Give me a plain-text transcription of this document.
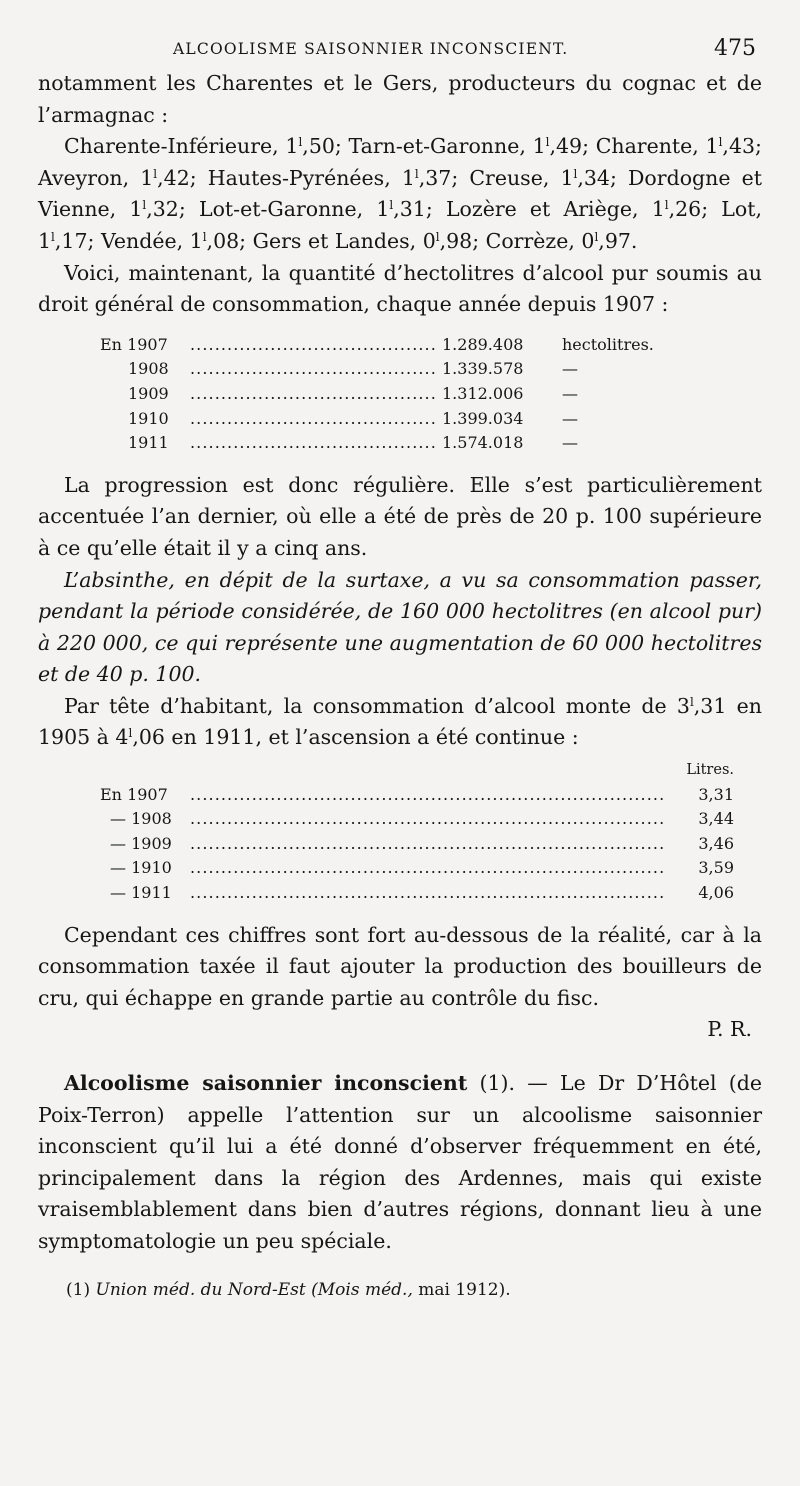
ALCOOLISME SAISONNIER INCONSCIENT.	475

notamment les Charentes et le Gers, producteurs du cognac et de l’armagnac :

Charente-Inférieure, 1$^l$,50; Tarn-et-Garonne, 1$^l$,49; Charente, 1$^l$,43; Aveyron, 1$^l$,42; Hautes-Pyrénées, 1$^l$,37; Creuse, 1$^l$,34; Dordogne et Vienne, 1$^l$,32; Lot-et-Garonne, 1$^l$,31; Lozère et Ariège, 1$^l$,26; Lot, 1$^l$,17; Vendée, 1$^l$,08; Gers et Landes, 0$^l$,98; Corrèze, 0$^l$,97.

Voici, maintenant, la quantité d’hectolitres d’alcool pur soumis au droit général de consommation, chaque année depuis 1907 :

En 1907 . . .	1.289.408	hectolitres.
1908 . . .	1.339.578	—
1909 . . .	1.312.006	—
1910 . . .	1.399.034	—
1911 . . .	1.574.018	—

La progression est donc régulière. Elle s’est particulièrement accentuée l’an dernier, où elle a été de près de 20 p. 100 supérieure à ce qu’elle était il y a cinq ans.

L’absinthe, en dépit de la surtaxe, a vu sa consommation passer, pendant la période considérée, de 160 000 hectolitres (en alcool pur) à 220 000, ce qui représente une augmentation de 60 000 hectolitres et de 40 p. 100.

Par tête d’habitant, la consommation d’alcool monte de 3$^l$,31 en 1905 à 4$^l$,06 en 1911, et l’ascension a été continue :

Litres.
En 1907 . . .	3,31
— 1908 . . .	3,44
— 1909 . . .	3,46
— 1910 . . .	3,59
— 1911 . . .	4,06

Cependant ces chiffres sont fort au-dessous de la réalité, car à la consommation taxée il faut ajouter la production des bouilleurs de cru, qui échappe en grande partie au contrôle du fisc.

P. R.

Alcoolisme saisonnier inconscient (1). — Le Dr D’Hôtel (de Poix-Terron) appelle l’attention sur un alcoolisme saisonnier inconscient qu’il lui a été donné d’observer fréquemment en été, principalement dans la région des Ardennes, mais qui existe vraisemblablement dans bien d’autres régions, donnant lieu à une symptomatologie un peu spéciale.

(1) Union méd. du Nord-Est (Mois méd., mai 1912).
